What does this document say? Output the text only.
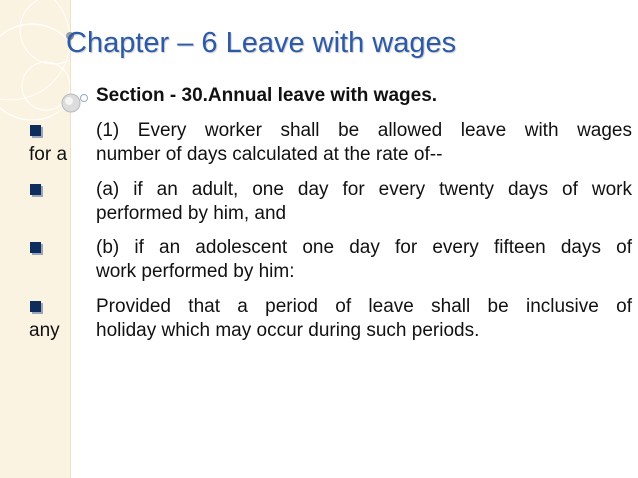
Chapter – 6 Leave with wages
Section - 30.Annual leave with wages.
(1) Every worker shall be allowed leave with wages
for a	number of days calculated at the rate of--
(a) if an adult, one day for every twenty days of work
performed by him, and
(b) if an adolescent one day for every fifteen days of
work performed by him:
Provided that a period of leave shall be inclusive of
any	holiday which may occur during such periods.
